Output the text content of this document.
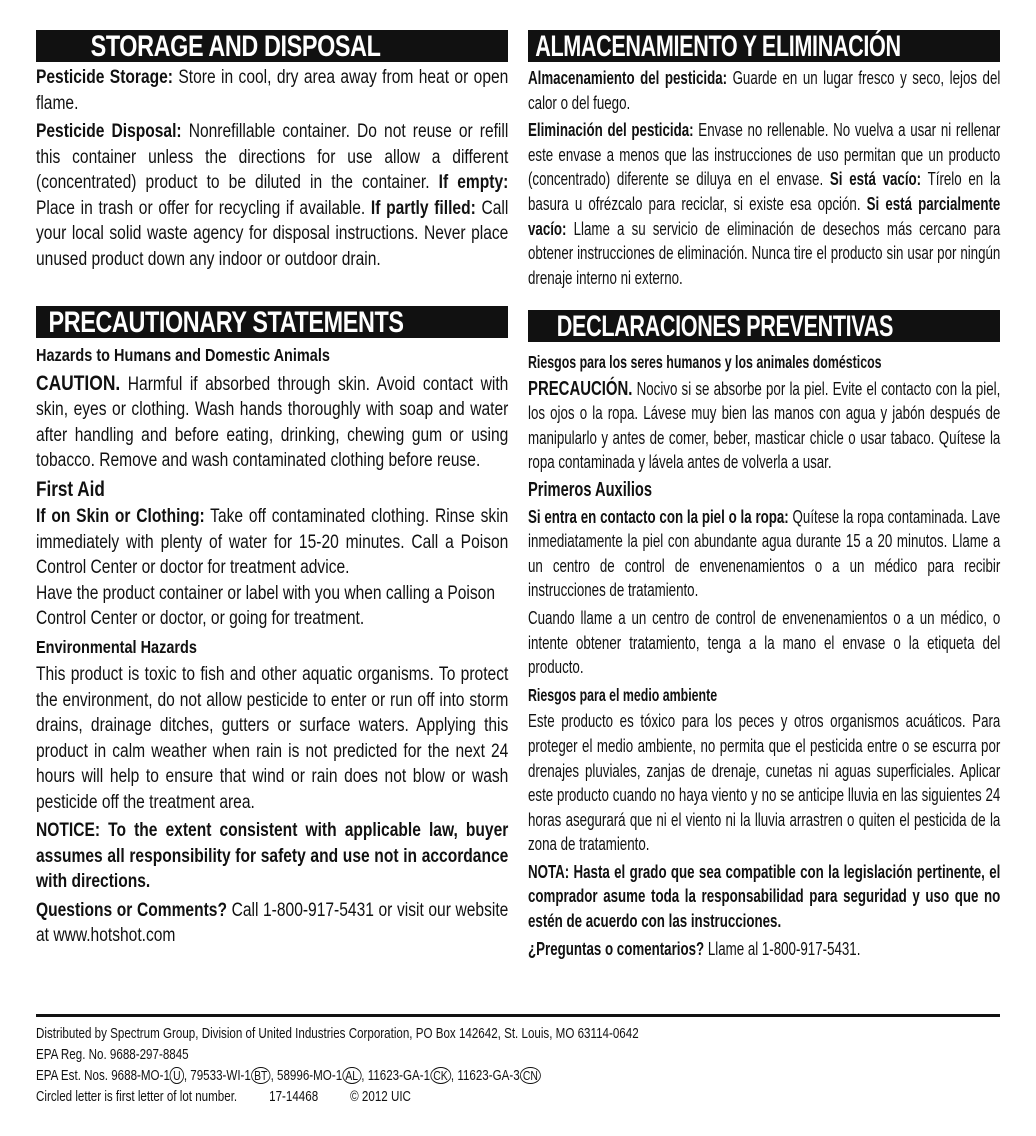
STORAGE AND DISPOSAL
Pesticide Storage: Store in cool, dry area away from heat or open flame.
Pesticide Disposal: Nonrefillable container. Do not reuse or refill this container unless the directions for use allow a different (concentrated) product to be diluted in the container. If empty: Place in trash or offer for recycling if available. If partly filled: Call your local solid waste agency for disposal instructions. Never place unused product down any indoor or outdoor drain.
PRECAUTIONARY STATEMENTS
Hazards to Humans and Domestic Animals
CAUTION. Harmful if absorbed through skin. Avoid contact with skin, eyes or clothing. Wash hands thoroughly with soap and water after handling and before eating, drinking, chewing gum or using tobacco. Remove and wash contaminated clothing before reuse.
First Aid
If on Skin or Clothing: Take off contaminated clothing. Rinse skin immediately with plenty of water for 15-20 minutes. Call a Poison Control Center or doctor for treatment advice.
Have the product container or label with you when calling a Poison Control Center or doctor, or going for treatment.
Environmental Hazards
This product is toxic to fish and other aquatic organisms. To protect the environment, do not allow pesticide to enter or run off into storm drains, drainage ditches, gutters or surface waters. Applying this product in calm weather when rain is not predicted for the next 24 hours will help to ensure that wind or rain does not blow or wash pesticide off the treatment area.
NOTICE: To the extent consistent with applicable law, buyer assumes all responsibility for safety and use not in accordance with directions.
Questions or Comments? Call 1-800-917-5431 or visit our website at www.hotshot.com
ALMACENAMIENTO Y ELIMINACIÓN
Almacenamiento del pesticida: Guarde en un lugar fresco y seco, lejos del calor o del fuego.
Eliminación del pesticida: Envase no rellenable. No vuelva a usar ni rellenar este envase a menos que las instrucciones de uso permitan que un producto (concentrado) diferente se diluya en el envase. Si está vacío: Tírelo en la basura u ofrézcalo para reciclar, si existe esa opción. Si está parcialmente vacío: Llame a su servicio de eliminación de desechos más cercano para obtener instrucciones de eliminación. Nunca tire el producto sin usar por ningún drenaje interno ni externo.
DECLARACIONES PREVENTIVAS
Riesgos para los seres humanos y los animales domésticos
PRECAUCIÓN. Nocivo si se absorbe por la piel. Evite el contacto con la piel, los ojos o la ropa. Lávese muy bien las manos con agua y jabón después de manipularlo y antes de comer, beber, masticar chicle o usar tabaco. Quítese la ropa contaminada y lávela antes de volverla a usar.
Primeros Auxilios
Si entra en contacto con la piel o la ropa: Quítese la ropa contaminada. Lave inmediatamente la piel con abundante agua durante 15 a 20 minutos. Llame a un centro de control de envenenamientos o a un médico para recibir instrucciones de tratamiento.
Cuando llame a un centro de control de envenenamientos o a un médico, o intente obtener tratamiento, tenga a la mano el envase o la etiqueta del producto.
Riesgos para el medio ambiente
Este producto es tóxico para los peces y otros organismos acuáticos. Para proteger el medio ambiente, no permita que el pesticida entre o se escurra por drenajes pluviales, zanjas de drenaje, cunetas ni aguas superficiales. Aplicar este producto cuando no haya viento y no se anticipe lluvia en las siguientes 24 horas asegurará que ni el viento ni la lluvia arrastren o quiten el pesticida de la zona de tratamiento.
NOTA: Hasta el grado que sea compatible con la legislación pertinente, el comprador asume toda la responsabilidad para seguridad y uso que no estén de acuerdo con las instrucciones.
¿Preguntas o comentarios? Llame al 1-800-917-5431.
Distributed by Spectrum Group, Division of United Industries Corporation, PO Box 142642, St. Louis, MO 63114-0642
EPA Reg. No. 9688-297-8845
EPA Est. Nos. 9688-MO-1 U , 79533-WI-1 BT , 58996-MO-1 AL , 11623-GA-1 CK , 11623-GA-3 CN
Circled letter is first letter of lot number. 17-14468 © 2012 UIC
